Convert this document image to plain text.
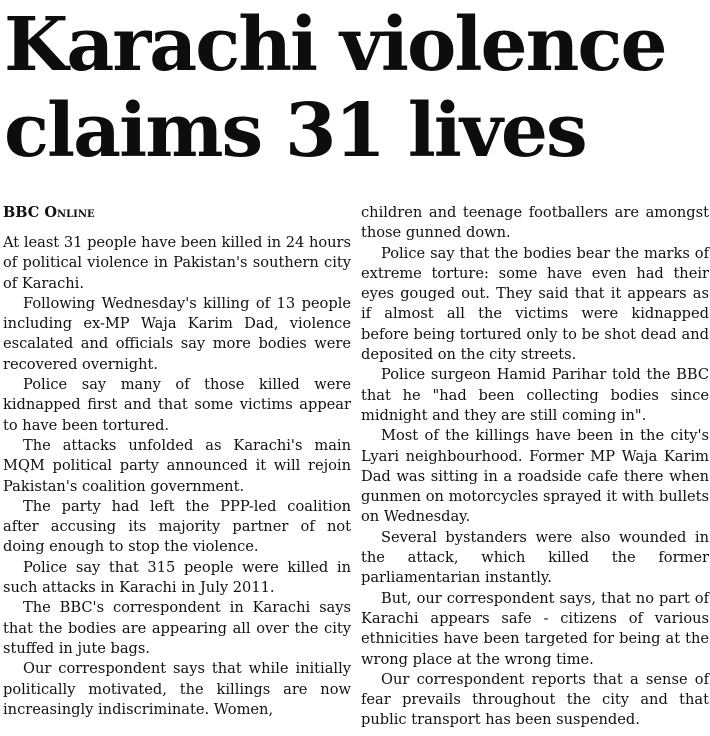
Karachi violence
claims 31 lives
BBC Online

At least 31 people have been killed in 24 hours of political violence in Pakistan's southern city of Karachi.

Following Wednesday's killing of 13 people including ex-MP Waja Karim Dad, violence escalated and officials say more bodies were recovered overnight.

Police say many of those killed were kidnapped first and that some victims appear to have been tortured.

The attacks unfolded as Karachi's main MQM political party announced it will rejoin Pakistan's coalition government.

The party had left the PPP-led coalition after accusing its majority partner of not doing enough to stop the violence.

Police say that 315 people were killed in such attacks in Karachi in July 2011.

The BBC's correspondent in Karachi says that the bodies are appearing all over the city stuffed in jute bags.

Our correspondent says that while initially politically motivated, the killings are now increasingly indiscriminate. Women,

children and teenage footballers are amongst those gunned down.

Police say that the bodies bear the marks of extreme torture: some have even had their eyes gouged out. They said that it appears as if almost all the victims were kidnapped before being tortured only to be shot dead and deposited on the city streets.

Police surgeon Hamid Parihar told the BBC that he "had been collecting bodies since midnight and they are still coming in".

Most of the killings have been in the city's Lyari neighbourhood. Former MP Waja Karim Dad was sitting in a roadside cafe there when gunmen on motorcycles sprayed it with bullets on Wednesday.

Several bystanders were also wounded in the attack, which killed the former parliamentarian instantly.

But, our correspondent says, that no part of Karachi appears safe - citizens of various ethnicities have been targeted for being at the wrong place at the wrong time.

Our correspondent reports that a sense of fear prevails throughout the city and that public transport has been suspended.
